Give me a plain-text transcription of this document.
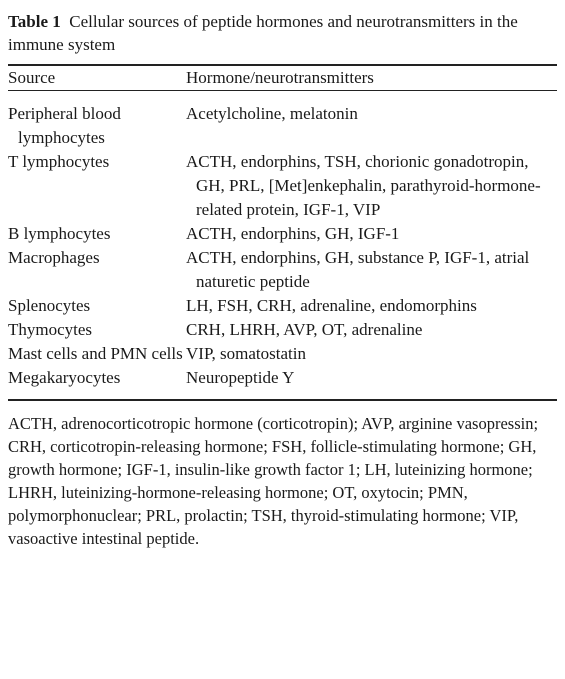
Table 1 Cellular sources of peptide hormones and neurotransmitters in the immune system
Source	Hormone/neurotransmitters

Peripheral blood lymphocytes	Acetylcholine, melatonin

T lymphocytes	ACTH, endorphins, TSH, chorionic gonadotropin, GH, PRL, [Met]enkephalin, parathyroid-hormone-related protein, IGF-1, VIP

B lymphocytes	ACTH, endorphins, GH, IGF-1

Macrophages	ACTH, endorphins, GH, substance P, IGF-1, atrial naturetic peptide

Splenocytes	LH, FSH, CRH, adrenaline, endomorphins

Thymocytes	CRH, LHRH, AVP, OT, adrenaline

Mast cells and PMN cells	VIP, somatostatin

Megakaryocytes	Neuropeptide Y

ACTH, adrenocorticotropic hormone (corticotropin); AVP, arginine vasopressin; CRH, corticotropin-releasing hormone; FSH, follicle-stimulating hormone; GH, growth hormone; IGF-1, insulin-like growth factor 1; LH, luteinizing hormone; LHRH, luteinizing-hormone-releasing hormone; OT, oxytocin; PMN, polymorphonuclear; PRL, prolactin; TSH, thyroid-stimulating hormone; VIP, vasoactive intestinal peptide.
